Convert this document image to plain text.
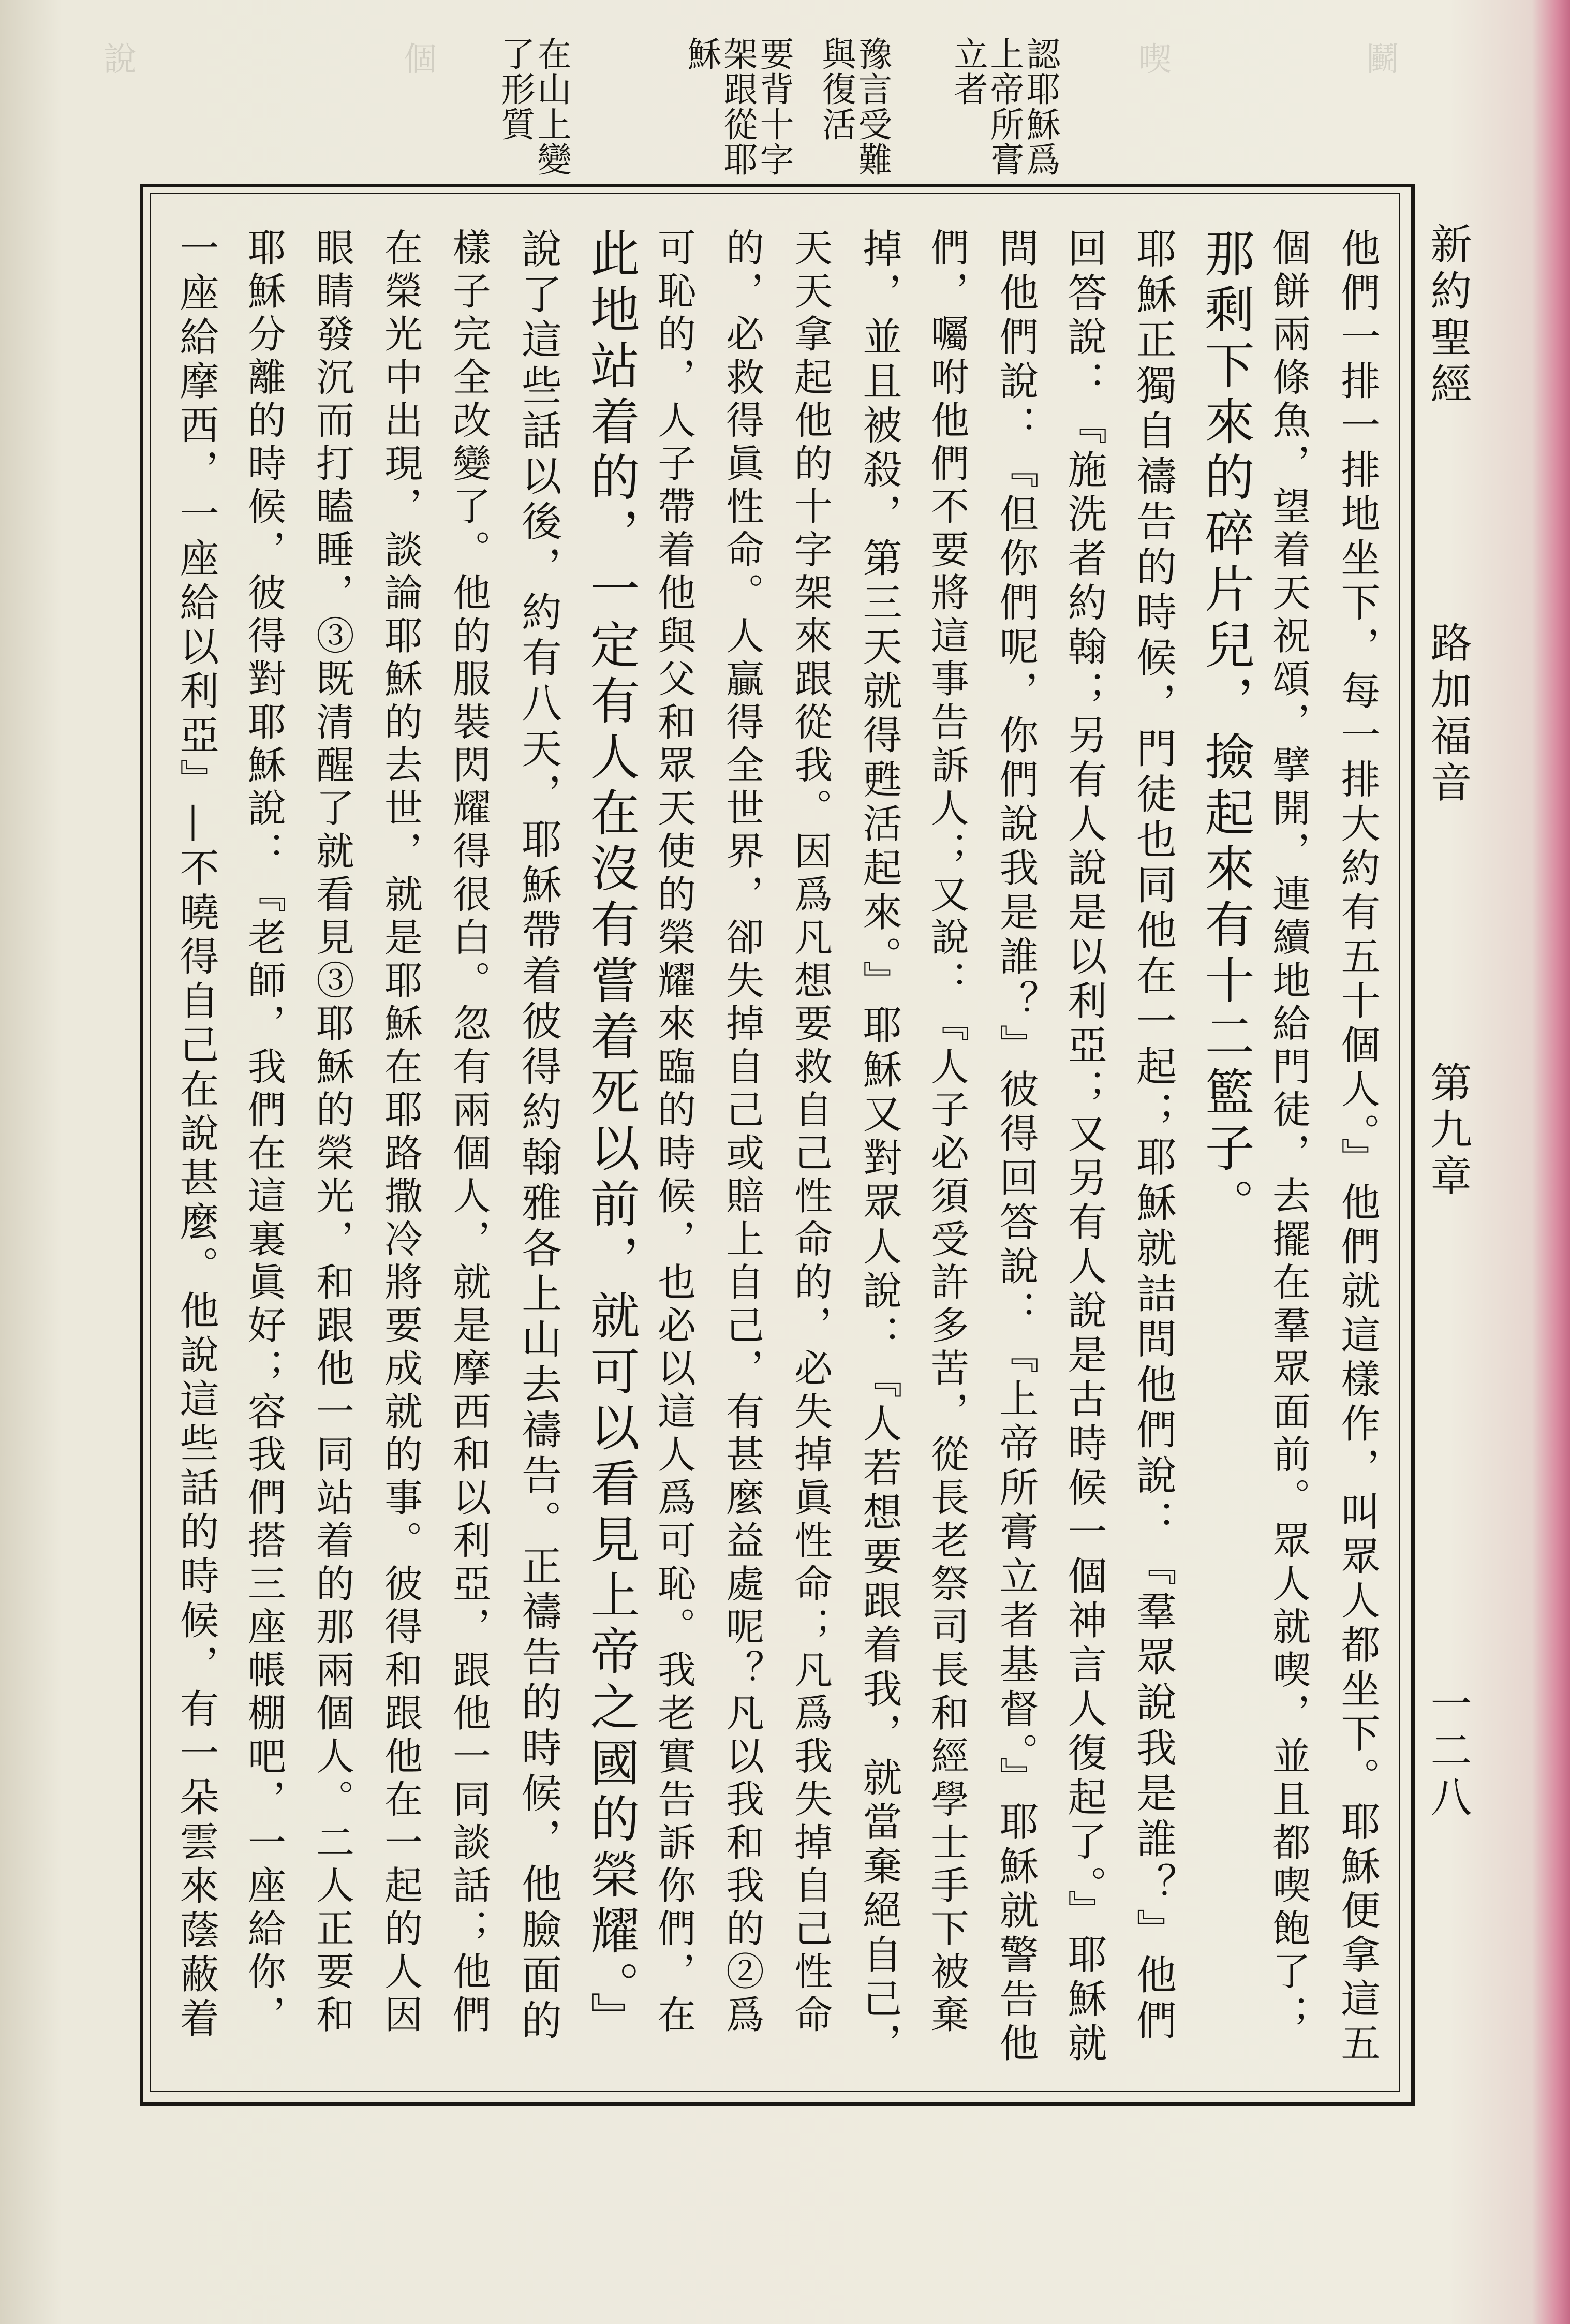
說	個	喫	鬬
新約聖經
路加福音
第九章
一二八
認耶穌爲
上帝所膏
立者
豫言受難
與復活
要背十字
架跟從耶
穌
在山上變
了形質
他們一排一排地坐下，每一排大約有五十個人。』他們就這樣作，叫眾人都坐下。耶穌便拿這五
個餅兩條魚，望着天祝頌，擘開，連續地給門徒，去擺在羣眾面前。眾人就喫，並且都喫飽了；
那剩下來的碎片兒，撿起來有十二籃子。
耶穌正獨自禱告的時候，門徒也同他在一起；耶穌就詰問他們說：『羣眾說我是誰？』他們
回答說：『施洗者約翰；另有人說是以利亞；又另有人說是古時候一個神言人復起了。』耶穌就
問他們說：『但你們呢，你們說我是誰？』彼得回答說：『上帝所膏立者基督。』耶穌就警告他
們，囑咐他們不要將這事告訴人；又說：『人子必須受許多苦，從長老祭司長和經學士手下被棄
掉，並且被殺，第三天就得甦活起來。』耶穌又對眾人說：『人若想要跟着我，就當棄絕自己，
天天拿起他的十字架來跟從我。因爲凡想要救自己性命的，必失掉眞性命；凡爲我失掉自己性命
的，必救得眞性命。人贏得全世界，卻失掉自己或賠上自己，有甚麼益處呢？凡以我和我的②爲
可恥的，人子帶着他與父和眾天使的榮耀來臨的時候，也必以這人爲可恥。我老實告訴你們，在
此地站着的，一定有人在沒有嘗着死以前，就可以看見上帝之國的榮耀。』
說了這些話以後，約有八天，耶穌帶着彼得約翰雅各上山去禱告。正禱告的時候，他臉面的
樣子完全改變了。他的服裝閃耀得很白。忽有兩個人，就是摩西和以利亞，跟他一同談話；他們
在榮光中出現，談論耶穌的去世，就是耶穌在耶路撒冷將要成就的事。彼得和跟他在一起的人因
眼睛發沉而打瞌睡，③既清醒了就看見③耶穌的榮光，和跟他一同站着的那兩個人。二人正要和
耶穌分離的時候，彼得對耶穌說：『老師，我們在這裏眞好；容我們搭三座帳棚吧，一座給你，
一座給摩西，一座給以利亞』—不曉得自己在說甚麼。他說這些話的時候，有一朵雲來蔭蔽着
